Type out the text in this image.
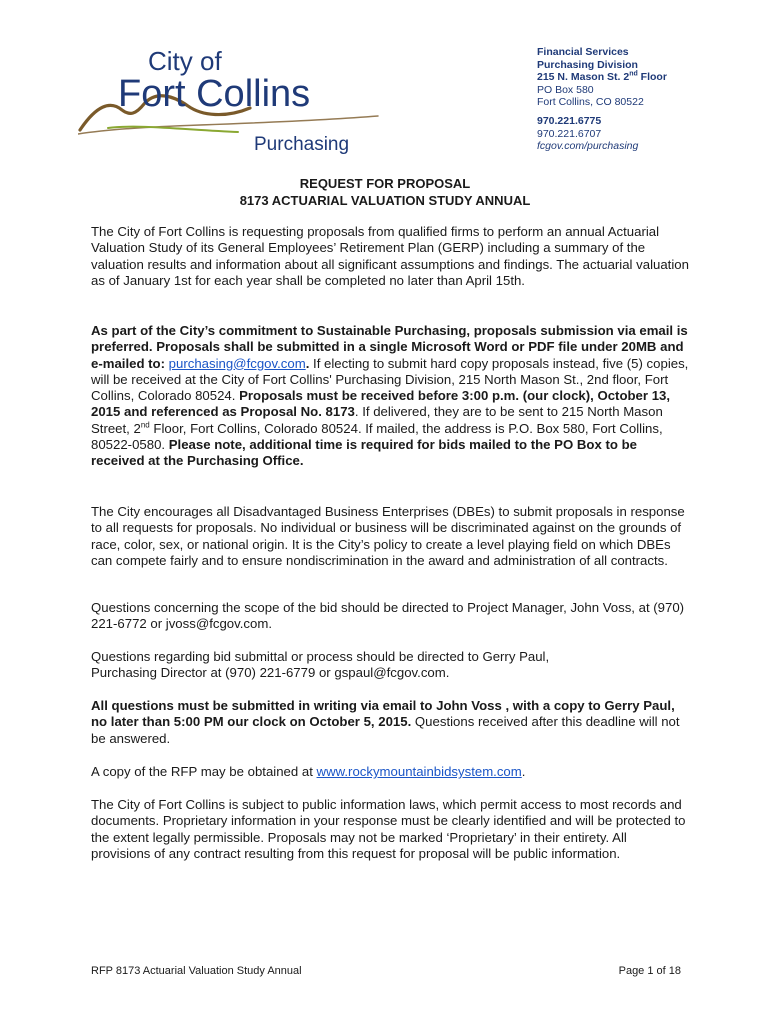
City of
Fort Collins
Purchasing
Financial Services
Purchasing Division
215 N. Mason St. 2nd Floor
PO Box 580
Fort Collins, CO 80522
970.221.6775
970.221.6707
fcgov.com/purchasing
REQUEST FOR PROPOSAL
8173 ACTUARIAL VALUATION STUDY ANNUAL
The City of Fort Collins is requesting proposals from qualified firms to perform an annual Actuarial Valuation Study of its General Employees’ Retirement Plan (GERP) including a summary of the valuation results and information about all significant assumptions and findings. The actuarial valuation as of January 1st for each year shall be completed no later than April 15th.
As part of the City’s commitment to Sustainable Purchasing, proposals submission via email is preferred. Proposals shall be submitted in a single Microsoft Word or PDF file under 20MB and e-mailed to: purchasing@fcgov.com. If electing to submit hard copy proposals instead, five (5) copies, will be received at the City of Fort Collins' Purchasing Division, 215 North Mason St., 2nd floor, Fort Collins, Colorado 80524. Proposals must be received before 3:00 p.m. (our clock), October 13, 2015 and referenced as Proposal No. 8173. If delivered, they are to be sent to 215 North Mason Street, 2nd Floor, Fort Collins, Colorado 80524. If mailed, the address is P.O. Box 580, Fort Collins, 80522-0580. Please note, additional time is required for bids mailed to the PO Box to be received at the Purchasing Office.
The City encourages all Disadvantaged Business Enterprises (DBEs) to submit proposals in response to all requests for proposals. No individual or business will be discriminated against on the grounds of race, color, sex, or national origin. It is the City’s policy to create a level playing field on which DBEs can compete fairly and to ensure nondiscrimination in the award and administration of all contracts.
Questions concerning the scope of the bid should be directed to Project Manager, John Voss, at (970) 221-6772 or jvoss@fcgov.com.
Questions regarding bid submittal or process should be directed to Gerry Paul,
Purchasing Director at (970) 221-6779 or gspaul@fcgov.com.
All questions must be submitted in writing via email to John Voss , with a copy to Gerry Paul, no later than 5:00 PM our clock on October 5, 2015. Questions received after this deadline will not be answered.
A copy of the RFP may be obtained at www.rockymountainbidsystem.com.
The City of Fort Collins is subject to public information laws, which permit access to most records and documents. Proprietary information in your response must be clearly identified and will be protected to the extent legally permissible. Proposals may not be marked ‘Proprietary’ in their entirety. All provisions of any contract resulting from this request for proposal will be public information.
RFP 8173 Actuarial Valuation Study Annual	Page 1 of 18
